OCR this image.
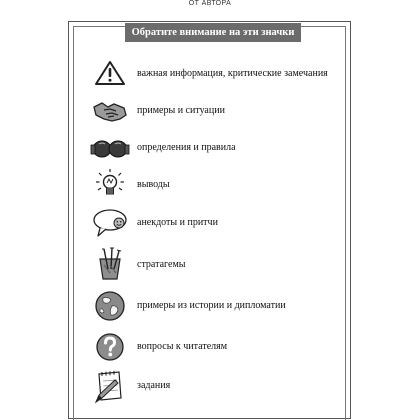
ОТ АВТОРА
Обратите внимание на эти значки
важная информация, критические замечания
примеры и ситуации
определения и правила
выводы
анекдоты и притчи
стратагемы
примеры из истории и дипломатии
вопросы к читателям
задания
